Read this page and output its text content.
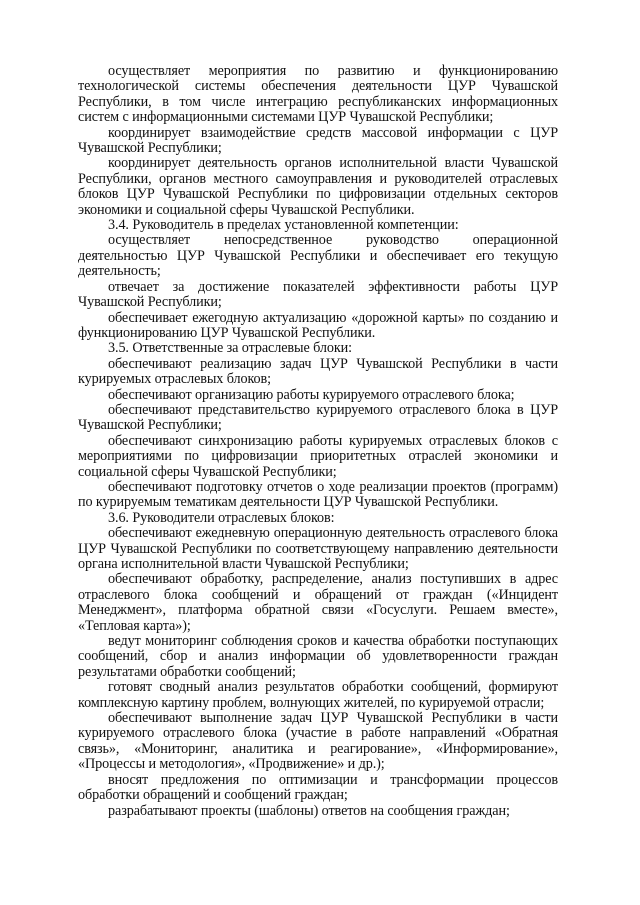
осуществляет мероприятия по развитию и функционированию технологической системы обеспечения деятельности ЦУР Чувашской Республики, в том числе интеграцию республиканских информационных систем с информационными системами ЦУР Чувашской Республики;

координирует взаимодействие средств массовой информации с ЦУР Чувашской Республики;

координирует деятельность органов исполнительной власти Чувашской Республики, органов местного самоуправления и руководителей отраслевых блоков ЦУР Чувашской Республики по цифровизации отдельных секторов экономики и социальной сферы Чувашской Республики.

3.4. Руководитель в пределах установленной компетенции:

осуществляет непосредственное руководство операционной деятельностью ЦУР Чувашской Республики и обеспечивает его текущую деятельность;

отвечает за достижение показателей эффективности работы ЦУР Чувашской Республики;

обеспечивает ежегодную актуализацию «дорожной карты» по созданию и функционированию ЦУР Чувашской Республики.

3.5. Ответственные за отраслевые блоки:

обеспечивают реализацию задач ЦУР Чувашской Республики в части курируемых отраслевых блоков;

обеспечивают организацию работы курируемого отраслевого блока;

обеспечивают представительство курируемого отраслевого блока в ЦУР Чувашской Республики;

обеспечивают синхронизацию работы курируемых отраслевых блоков с мероприятиями по цифровизации приоритетных отраслей экономики и социальной сферы Чувашской Республики;

обеспечивают подготовку отчетов о ходе реализации проектов (программ) по курируемым тематикам деятельности ЦУР Чувашской Республики.

3.6. Руководители отраслевых блоков:

обеспечивают ежедневную операционную деятельность отраслевого блока ЦУР Чувашской Республики по соответствующему направлению деятельности органа исполнительной власти Чувашской Республики;

обеспечивают обработку, распределение, анализ поступивших в адрес отраслевого блока сообщений и обращений от граждан («Инцидент Менеджмент», платформа обратной связи «Госуслуги. Решаем вместе», «Тепловая карта»);

ведут мониторинг соблюдения сроков и качества обработки поступающих сообщений, сбор и анализ информации об удовлетворенности граждан результатами обработки сообщений;

готовят сводный анализ результатов обработки сообщений, формируют комплексную картину проблем, волнующих жителей, по курируемой отрасли;

обеспечивают выполнение задач ЦУР Чувашской Республики в части курируемого отраслевого блока (участие в работе направлений «Обратная связь», «Мониторинг, аналитика и реагирование», «Информирование», «Процессы и методология», «Продвижение» и др.);

вносят предложения по оптимизации и трансформации процессов обработки обращений и сообщений граждан;

разрабатывают проекты (шаблоны) ответов на сообщения граждан;
